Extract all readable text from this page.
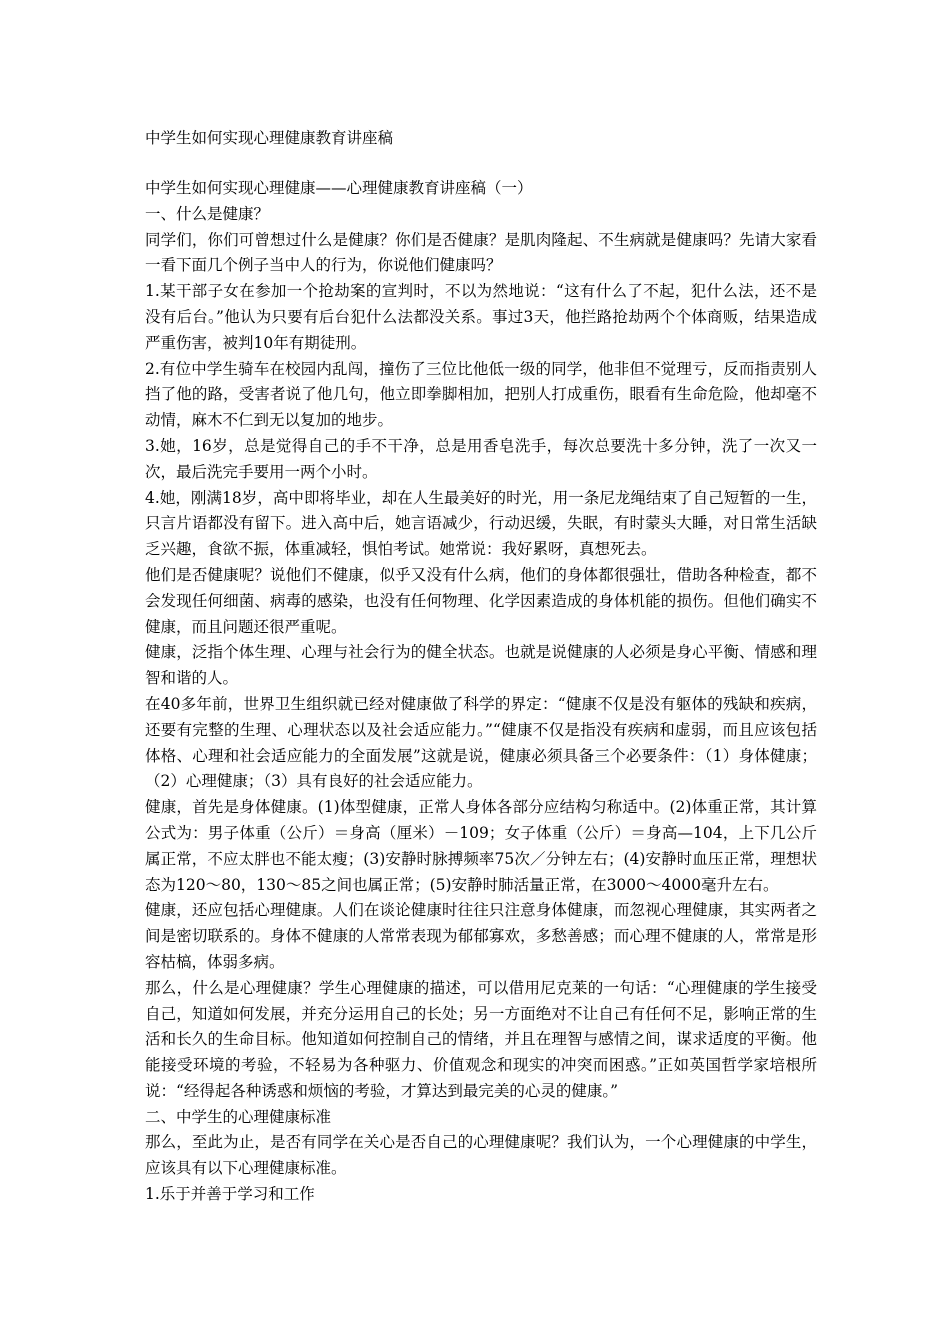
中学生如何实现心理健康教育讲座稿

中学生如何实现心理健康——心理健康教育讲座稿（一）

一、什么是健康？

同学们，你们可曾想过什么是健康？你们是否健康？是肌肉隆起、不生病就是健康吗？先请大家看一看下面几个例子当中人的行为，你说他们健康吗？

1.某干部子女在参加一个抢劫案的宣判时，不以为然地说：“这有什么了不起，犯什么法，还不是没有后台。”他认为只要有后台犯什么法都没关系。事过3天，他拦路抢劫两个个体商贩，结果造成严重伤害，被判10年有期徒刑。

2.有位中学生骑车在校园内乱闯，撞伤了三位比他低一级的同学，他非但不觉理亏，反而指责别人挡了他的路，受害者说了他几句，他立即拳脚相加，把别人打成重伤，眼看有生命危险，他却毫不动情，麻木不仁到无以复加的地步。

3.她，16岁，总是觉得自己的手不干净，总是用香皂洗手，每次总要洗十多分钟，洗了一次又一次，最后洗完手要用一两个小时。

4.她，刚满18岁，高中即将毕业，却在人生最美好的时光，用一条尼龙绳结束了自己短暂的一生，只言片语都没有留下。进入高中后，她言语减少，行动迟缓，失眠，有时蒙头大睡，对日常生活缺乏兴趣，食欲不振，体重减轻，惧怕考试。她常说：我好累呀，真想死去。

他们是否健康呢？说他们不健康，似乎又没有什么病，他们的身体都很强壮，借助各种检查，都不会发现任何细菌、病毒的感染，也没有任何物理、化学因素造成的身体机能的损伤。但他们确实不健康，而且问题还很严重呢。

健康，泛指个体生理、心理与社会行为的健全状态。也就是说健康的人必须是身心平衡、情感和理智和谐的人。

在40多年前，世界卫生组织就已经对健康做了科学的界定：“健康不仅是没有躯体的残缺和疾病，还要有完整的生理、心理状态以及社会适应能力。”“健康不仅是指没有疾病和虚弱，而且应该包括体格、心理和社会适应能力的全面发展”这就是说，健康必须具备三个必要条件：（1）身体健康；（2）心理健康；（3）具有良好的社会适应能力。

健康，首先是身体健康。(1)体型健康，正常人身体各部分应结构匀称适中。(2)体重正常，其计算公式为：男子体重（公斤）＝身高（厘米）－109；女子体重（公斤）＝身高—104，上下几公斤属正常，不应太胖也不能太瘦；(3)安静时脉搏频率75次／分钟左右；(4)安静时血压正常，理想状态为120～80，130～85之间也属正常；(5)安静时肺活量正常，在3000～4000毫升左右。

健康，还应包括心理健康。人们在谈论健康时往往只注意身体健康，而忽视心理健康，其实两者之间是密切联系的。身体不健康的人常常表现为郁郁寡欢，多愁善感；而心理不健康的人，常常是形容枯槁，体弱多病。

那么，什么是心理健康？学生心理健康的描述，可以借用尼克莱的一句话：“心理健康的学生接受自己，知道如何发展，并充分运用自己的长处；另一方面绝对不让自己有任何不足，影响正常的生活和长久的生命目标。他知道如何控制自己的情绪，并且在理智与感情之间，谋求适度的平衡。他能接受环境的考验，不轻易为各种驱力、价值观念和现实的冲突而困惑。”正如英国哲学家培根所说：“经得起各种诱惑和烦恼的考验，才算达到最完美的心灵的健康。”

二、中学生的心理健康标准

那么，至此为止，是否有同学在关心是否自己的心理健康呢？我们认为，一个心理健康的中学生，应该具有以下心理健康标准。

1.乐于并善于学习和工作
